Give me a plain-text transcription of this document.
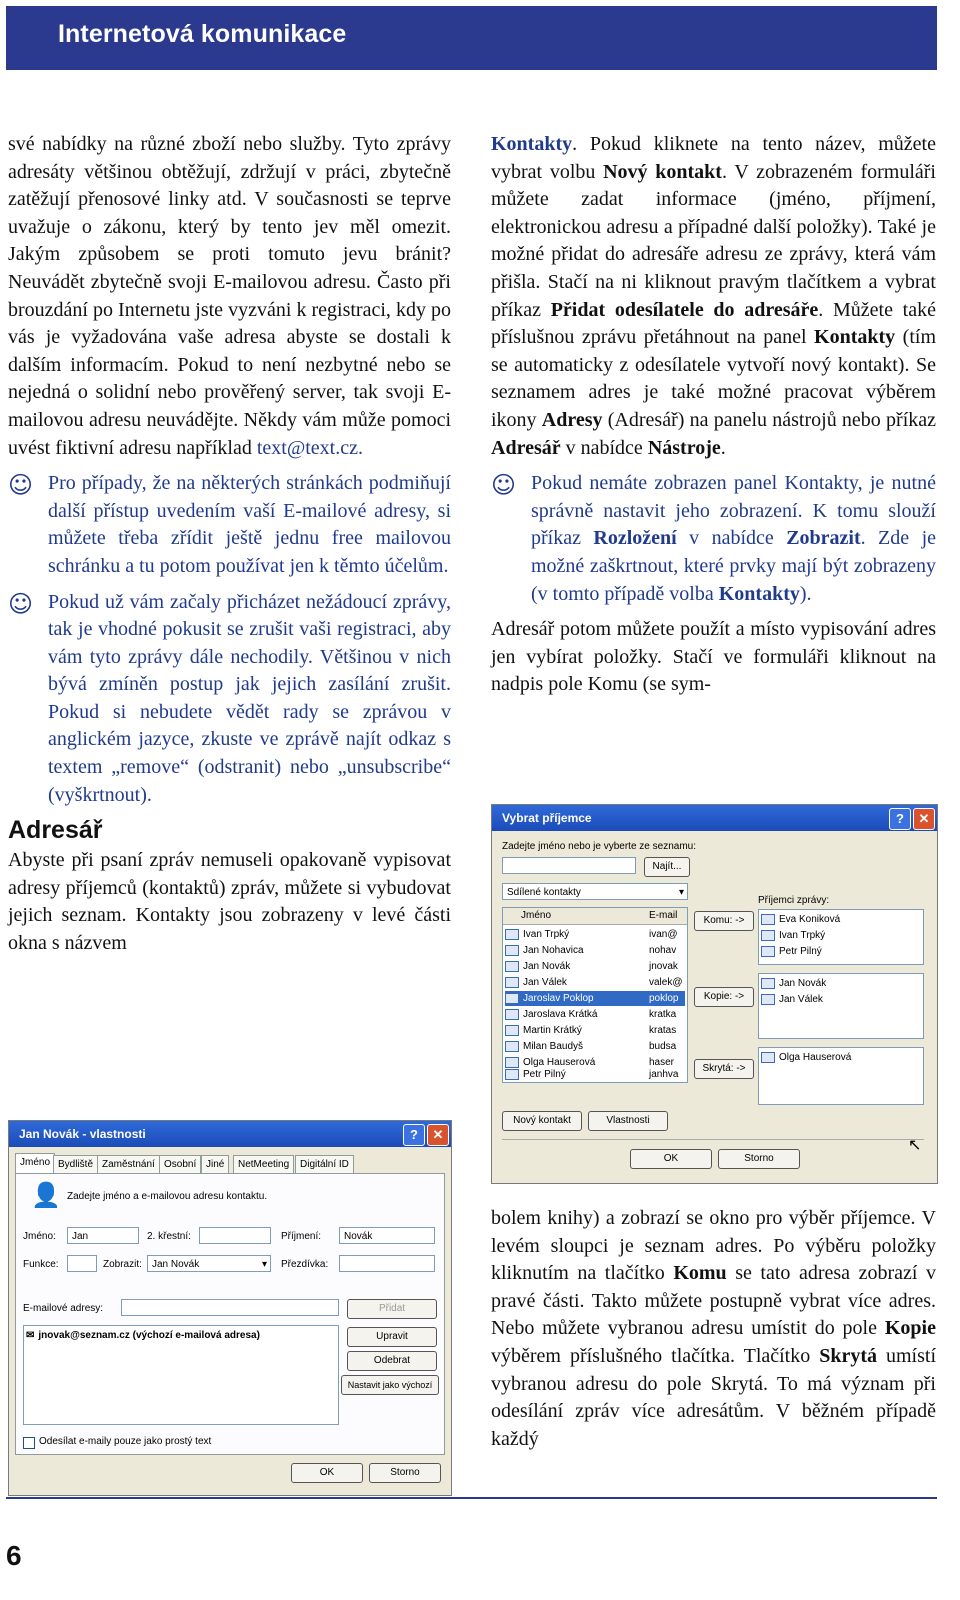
Internetová komunikace

své nabídky na různé zboží nebo služby. Tyto zprávy adresáty většinou obtěžují, zdržují v práci, zbytečně zatěžují přenosové linky atd. V současnosti se teprve uvažuje o zákonu, který by tento jev měl omezit. Jakým způsobem se proti tomuto jevu bránit? Neuvádět zbytečně svoji E-mailovou adresu. Často při brouzdání po Internetu jste vyzváni k registraci, kdy po vás je vyžadována vaše adresa abyste se dostali k dalším informacím. Pokud to není nezbytné nebo se nejedná o solidní nebo prověřený server, tak svoji E-mailovou adresu neuvádějte. Někdy vám může pomoci uvést fiktivní adresu například text@text.cz.

☺ Pro případy, že na některých stránkách podmiňují další přístup uvedením vaší E-mailové adresy, si můžete třeba zřídit ještě jednu free mailovou schránku a tu potom používat jen k těmto účelům.
☺ Pokud už vám začaly přicházet nežádoucí zprávy, tak je vhodné pokusit se zrušit vaši registraci, aby vám tyto zprávy dále nechodily. Většinou v nich bývá zmíněn postup jak jejich zasílání zrušit. Pokud si nebudete vědět rady se zprávou v anglickém jazyce, zkuste ve zprávě najít odkaz s textem „remove“ (odstranit) nebo „unsubscribe“ (vyškrtnout).
Adresář

Abyste při psaní zpráv nemuseli opakovaně vypisovat adresy příjemců (kontaktů) zpráv, můžete si vybudovat jejich seznam. Kontakty jsou zobrazeny v levé části okna s názvem

Kontakty. Pokud kliknete na tento název, můžete vybrat volbu Nový kontakt. V zobrazeném formuláři můžete zadat informace (jméno, příjmení, elektronickou adresu a případné další položky). Také je možné přidat do adresáře adresu ze zprávy, která vám přišla. Stačí na ni kliknout pravým tlačítkem a vybrat příkaz Přidat odesílatele do adresáře. Můžete také příslušnou zprávu přetáhnout na panel Kontakty (tím se automaticky z odesílatele vytvoří nový kontakt). Se seznamem adres je také možné pracovat výběrem ikony Adresy (Adresář) na panelu nástrojů nebo příkaz Adresář v nabídce Nástroje.

☺ Pokud nemáte zobrazen panel Kontakty, je nutné správně nastavit jeho zobrazení. K tomu slouží příkaz Rozložení v nabídce Zobrazit. Zde je možné zaškrtnout, které prvky mají být zobrazeny (v tomto případě volba Kontakty).

Adresář potom můžete použít a místo vypisování adres jen vybírat položky. Stačí ve formuláři kliknout na nadpis pole Komu (se sym-

bolem knihy) a zobrazí se okno pro výběr příjemce. V levém sloupci je seznam adres. Po výběru položky kliknutím na tlačítko Komu se tato adresa zobrazí v pravé části. Takto můžete postupně vybrat více adres. Nebo můžete vybranou adresu umístit do pole Kopie výběrem příslušného tlačítka. Tlačítko Skrytá umístí vybranou adresu do pole Skrytá. To má význam při odesílání zpráv více adresátům. V běžném případě každý

Vybrat příjemce	?	✕
Zadejte jméno nebo je vyberte ze seznamu:
Najít...
Sdílené kontakty	▾
Jméno	E-mail
Ivan Trpký	ivan@
Jan Nohavica	nohav
Jan Novák	jnovak
Jan Válek	valek@
Jaroslav Poklop	poklop
Jaroslava Krátká	kratka
Martin Krátký	kratas
Milan Baudyš	budsa
Olga Hauserová	haser
Petr Pilný	janhva
Příjemci zprávy:
Komu: ->	Eva Koniková
Ivan Trpký
Petr Pilný
Kopie: ->
Jan Novák
Jan Válek
Skrytá: ->
Olga Hauserová
Nový kontakt	Vlastnosti
OK	Storno
↖
Jan Novák - vlastnosti	?	✕
Jméno Bydliště Zaměstnání Osobní Jiné	NetMeeting	Digitální ID
👤 Zadejte jméno a e-mailovou adresu kontaktu.
Jméno:	Jan	2. křestní:	Příjmení:	Novák
Funkce:	Zobrazit:	Jan Novák	▾ Přezdívka:
E-mailové adresy:	Přidat
✉ jnovak@seznam.cz (výchozí e-mailová adresa)	Upravit
Odebrat
Nastavit jako výchozí
Odesílat e-maily pouze jako prostý text
OK	Storno
6
